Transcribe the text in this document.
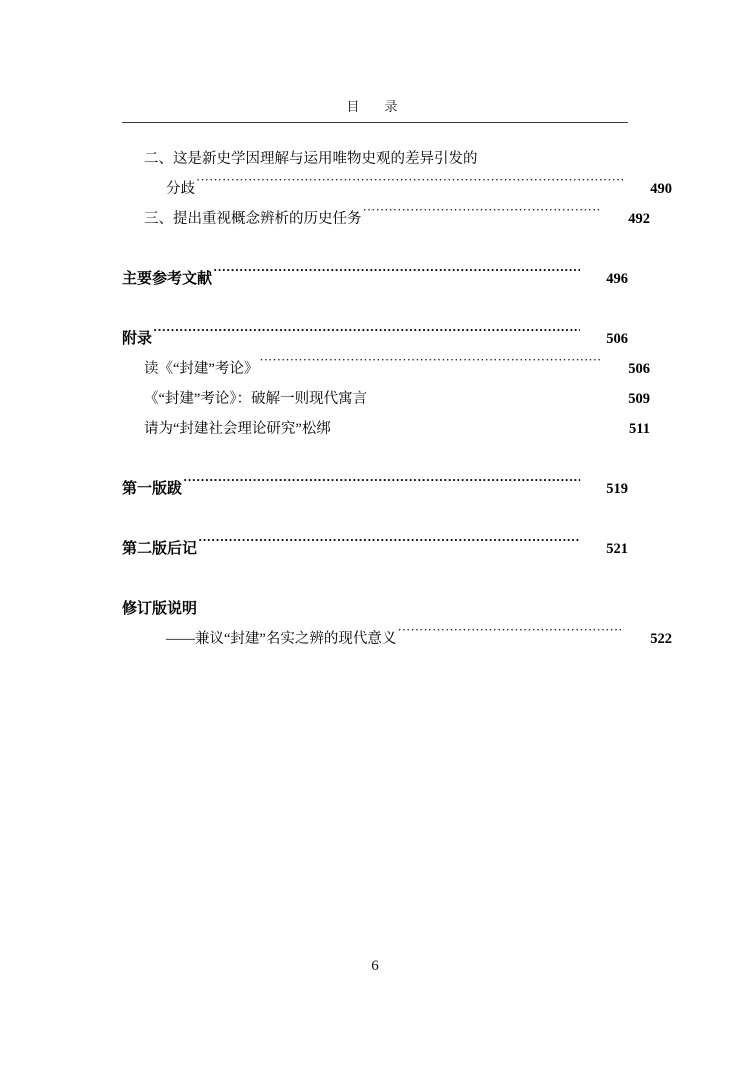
目　录
二、这是新史学因理解与运用唯物史观的差异引发的
分歧 ·····	490
三、提出重视概念辨析的历史任务 ·····	492
主要参考文献 ·····	496
附录 ·····	506
读《“封建”考论》 ·····	506
《“封建”考论》：破解一则现代寓言	509
请为“封建社会理论研究”松绑	511
第一版跋 ·····	519
第二版后记 ·····	521
修订版说明
——兼议“封建”名实之辨的现代意义 ·····	522
6
